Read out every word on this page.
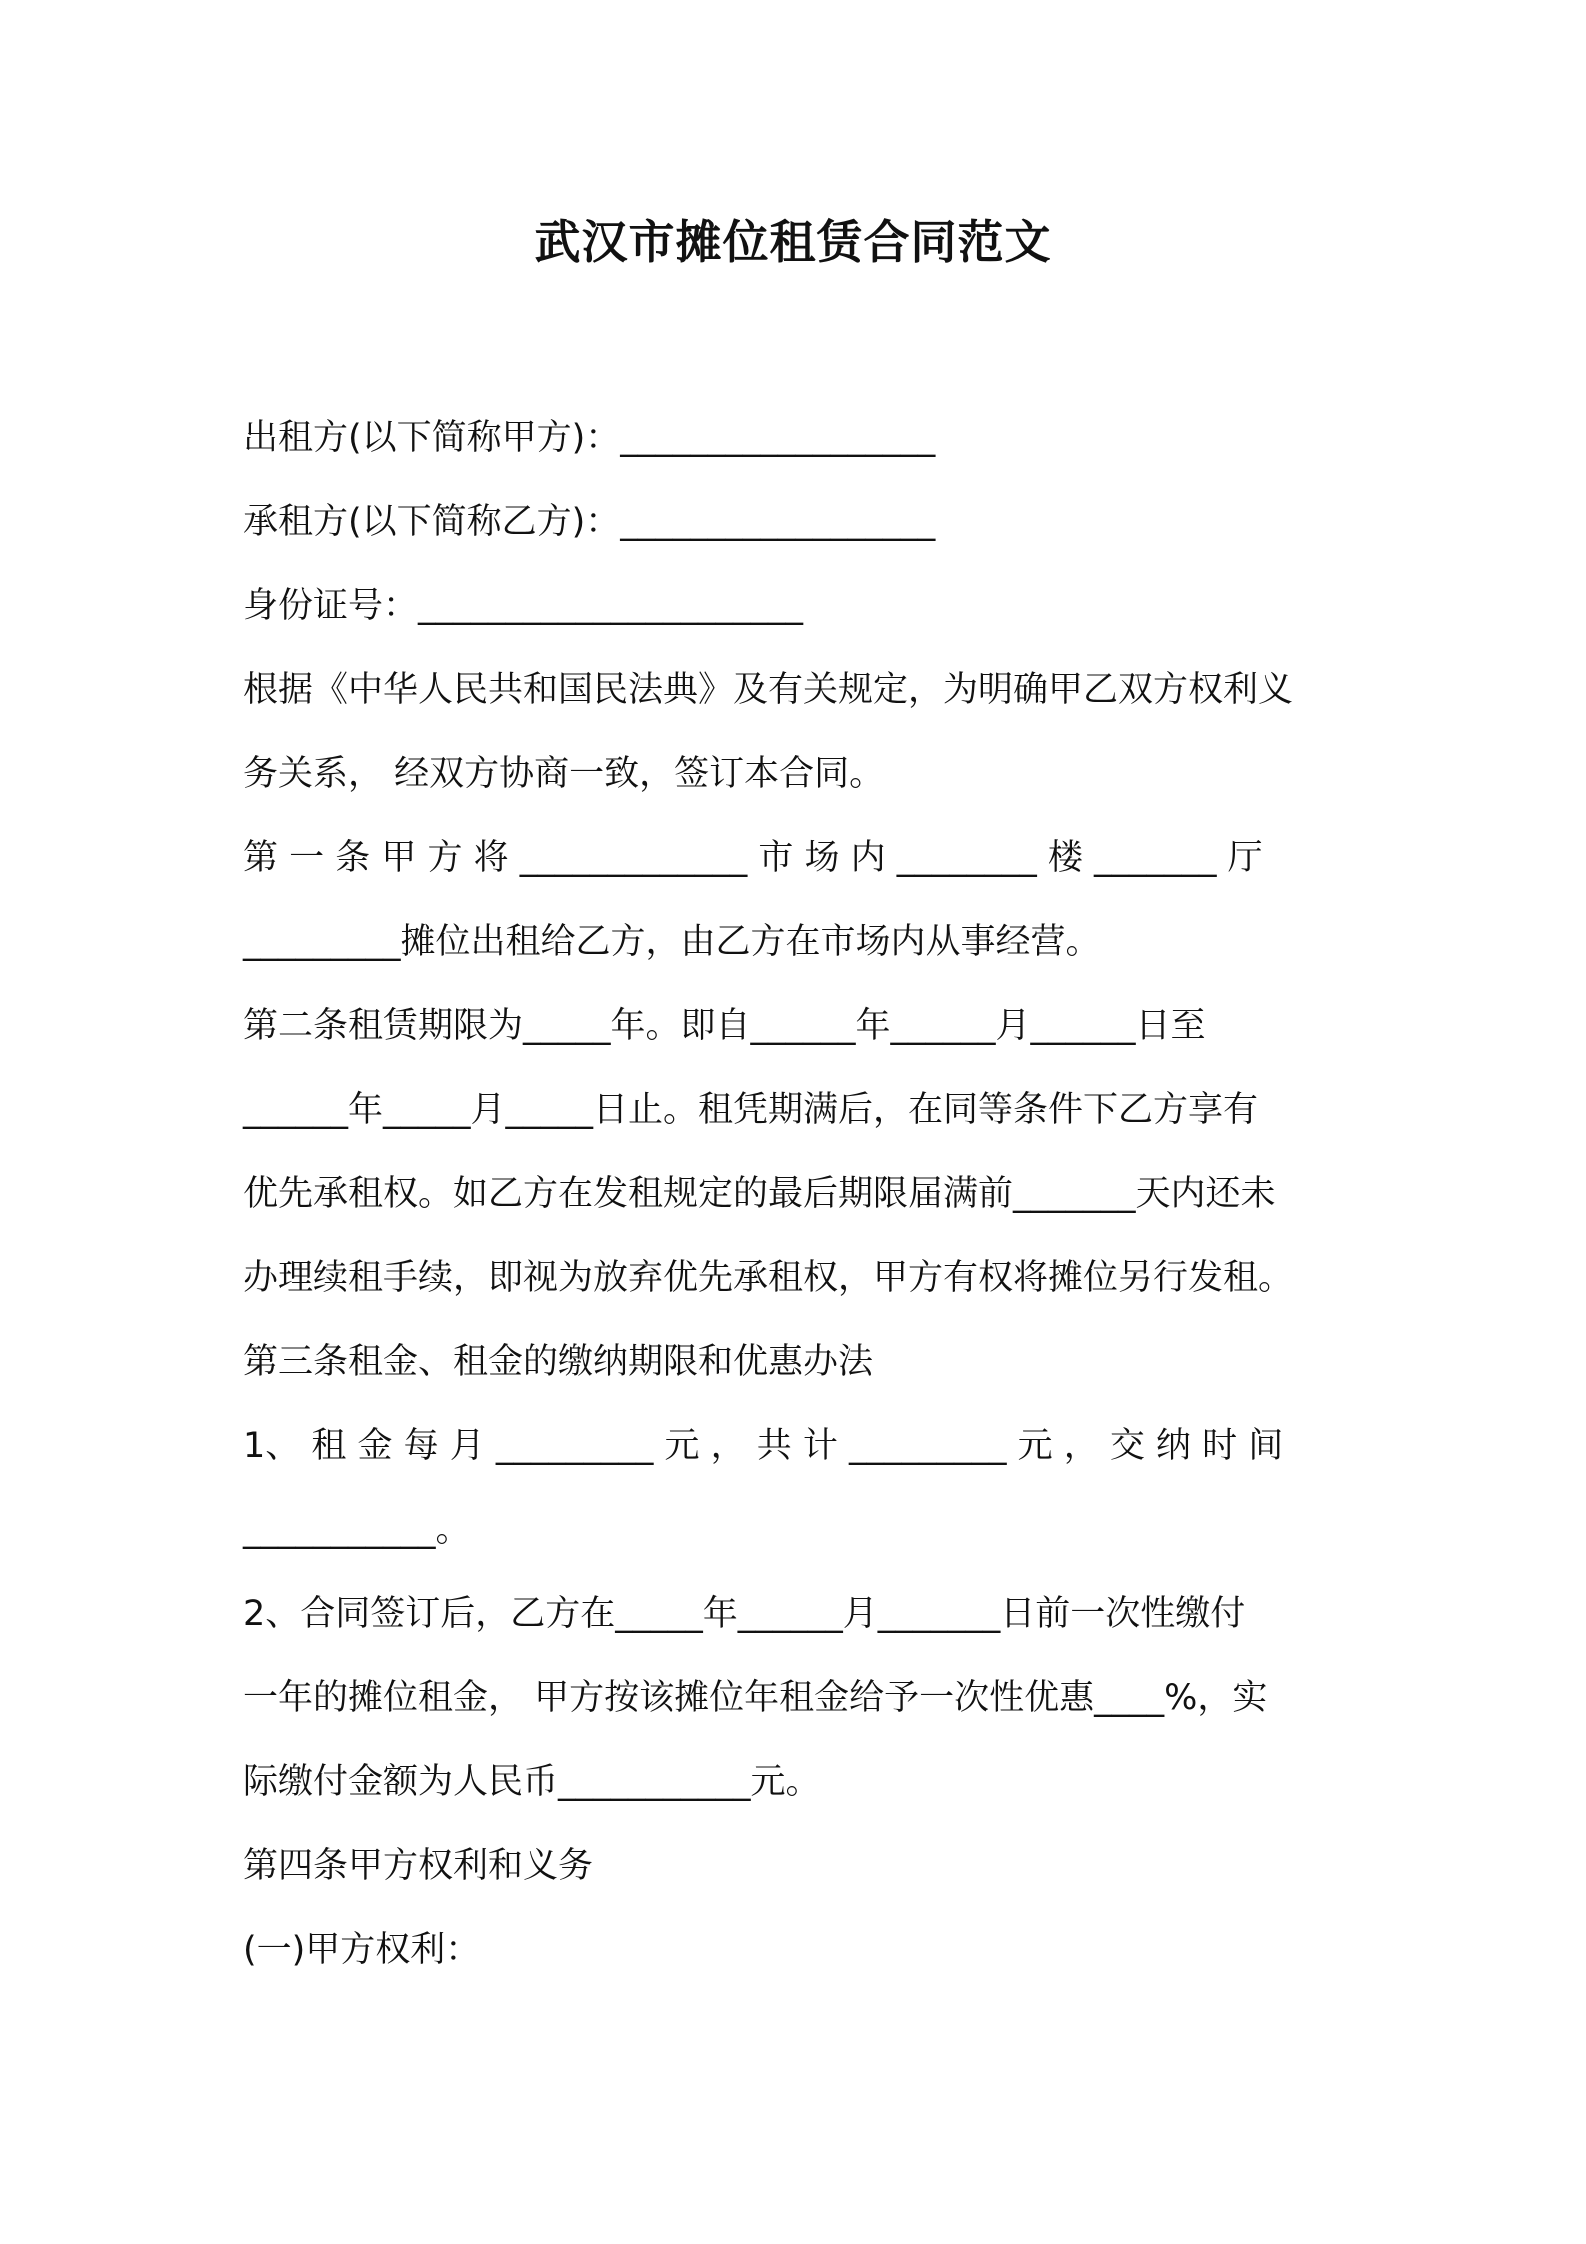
武汉市摊位租赁合同范文
出租方(以下简称甲方)：__________________
承租方(以下简称乙方)：__________________
身份证号：______________________
根据《中华人民共和国民法典》及有关规定，为明确甲乙双方权利义
务关系， 经双方协商一致，签订本合同。
第 一 条 甲 方 将 _____________ 市 场 内 ________ 楼 _______ 厅
_________摊位出租给乙方，由乙方在市场内从事经营。
第二条租赁期限为_____年。即自______年______月______日至
______年_____月_____日止。租凭期满后，在同等条件下乙方享有
优先承租权。如乙方在发租规定的最后期限届满前_______天内还未
办理续租手续，即视为放弃优先承租权，甲方有权将摊位另行发租。
第三条租金、租金的缴纳期限和优惠办法
1、 租 金 每 月 _________ 元 ， 共 计 _________ 元 ， 交 纳 时 间
___________。
2、合同签订后，乙方在_____年______月_______日前一次性缴付
一年的摊位租金， 甲方按该摊位年租金给予一次性优惠____%，实
际缴付金额为人民币___________元。
第四条甲方权利和义务
(一)甲方权利：
